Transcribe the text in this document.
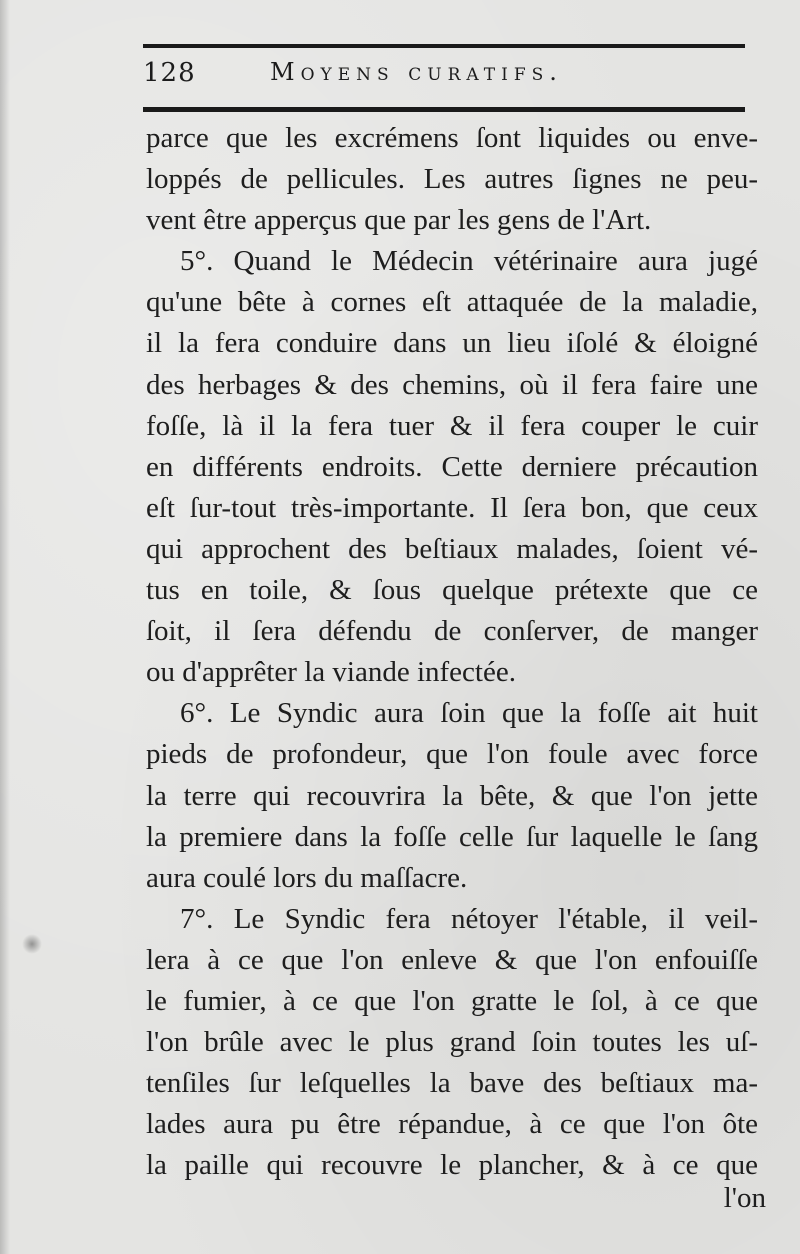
128	Moyens curatifs.
parce que les excrémens ſont liquides ou enve-
loppés de pellicules. Les autres ſignes ne peu-
vent être apperçus que par les gens de l'Art.
5°. Quand le Médecin vétérinaire aura jugé
qu'une bête à cornes eſt attaquée de la maladie,
il la fera conduire dans un lieu iſolé & éloigné
des herbages & des chemins, où il fera faire une
foſſe, là il la fera tuer & il fera couper le cuir
en différents endroits. Cette derniere précaution
eſt ſur-tout très-importante. Il ſera bon, que ceux
qui approchent des beſtiaux malades, ſoient vé-
tus en toile, & ſous quelque prétexte que ce
ſoit, il ſera défendu de conſerver, de manger
ou d'apprêter la viande infectée.
6°. Le Syndic aura ſoin que la foſſe ait huit
pieds de profondeur, que l'on foule avec force
la terre qui recouvrira la bête, & que l'on jette
la premiere dans la foſſe celle ſur laquelle le ſang
aura coulé lors du maſſacre.
7°. Le Syndic fera nétoyer l'étable, il veil-
lera à ce que l'on enleve & que l'on enfouiſſe
le fumier, à ce que l'on gratte le ſol, à ce que
l'on brûle avec le plus grand ſoin toutes les uſ-
tenſiles ſur leſquelles la bave des beſtiaux ma-
lades aura pu être répandue, à ce que l'on ôte
la paille qui recouvre le plancher, & à ce que
l'on
